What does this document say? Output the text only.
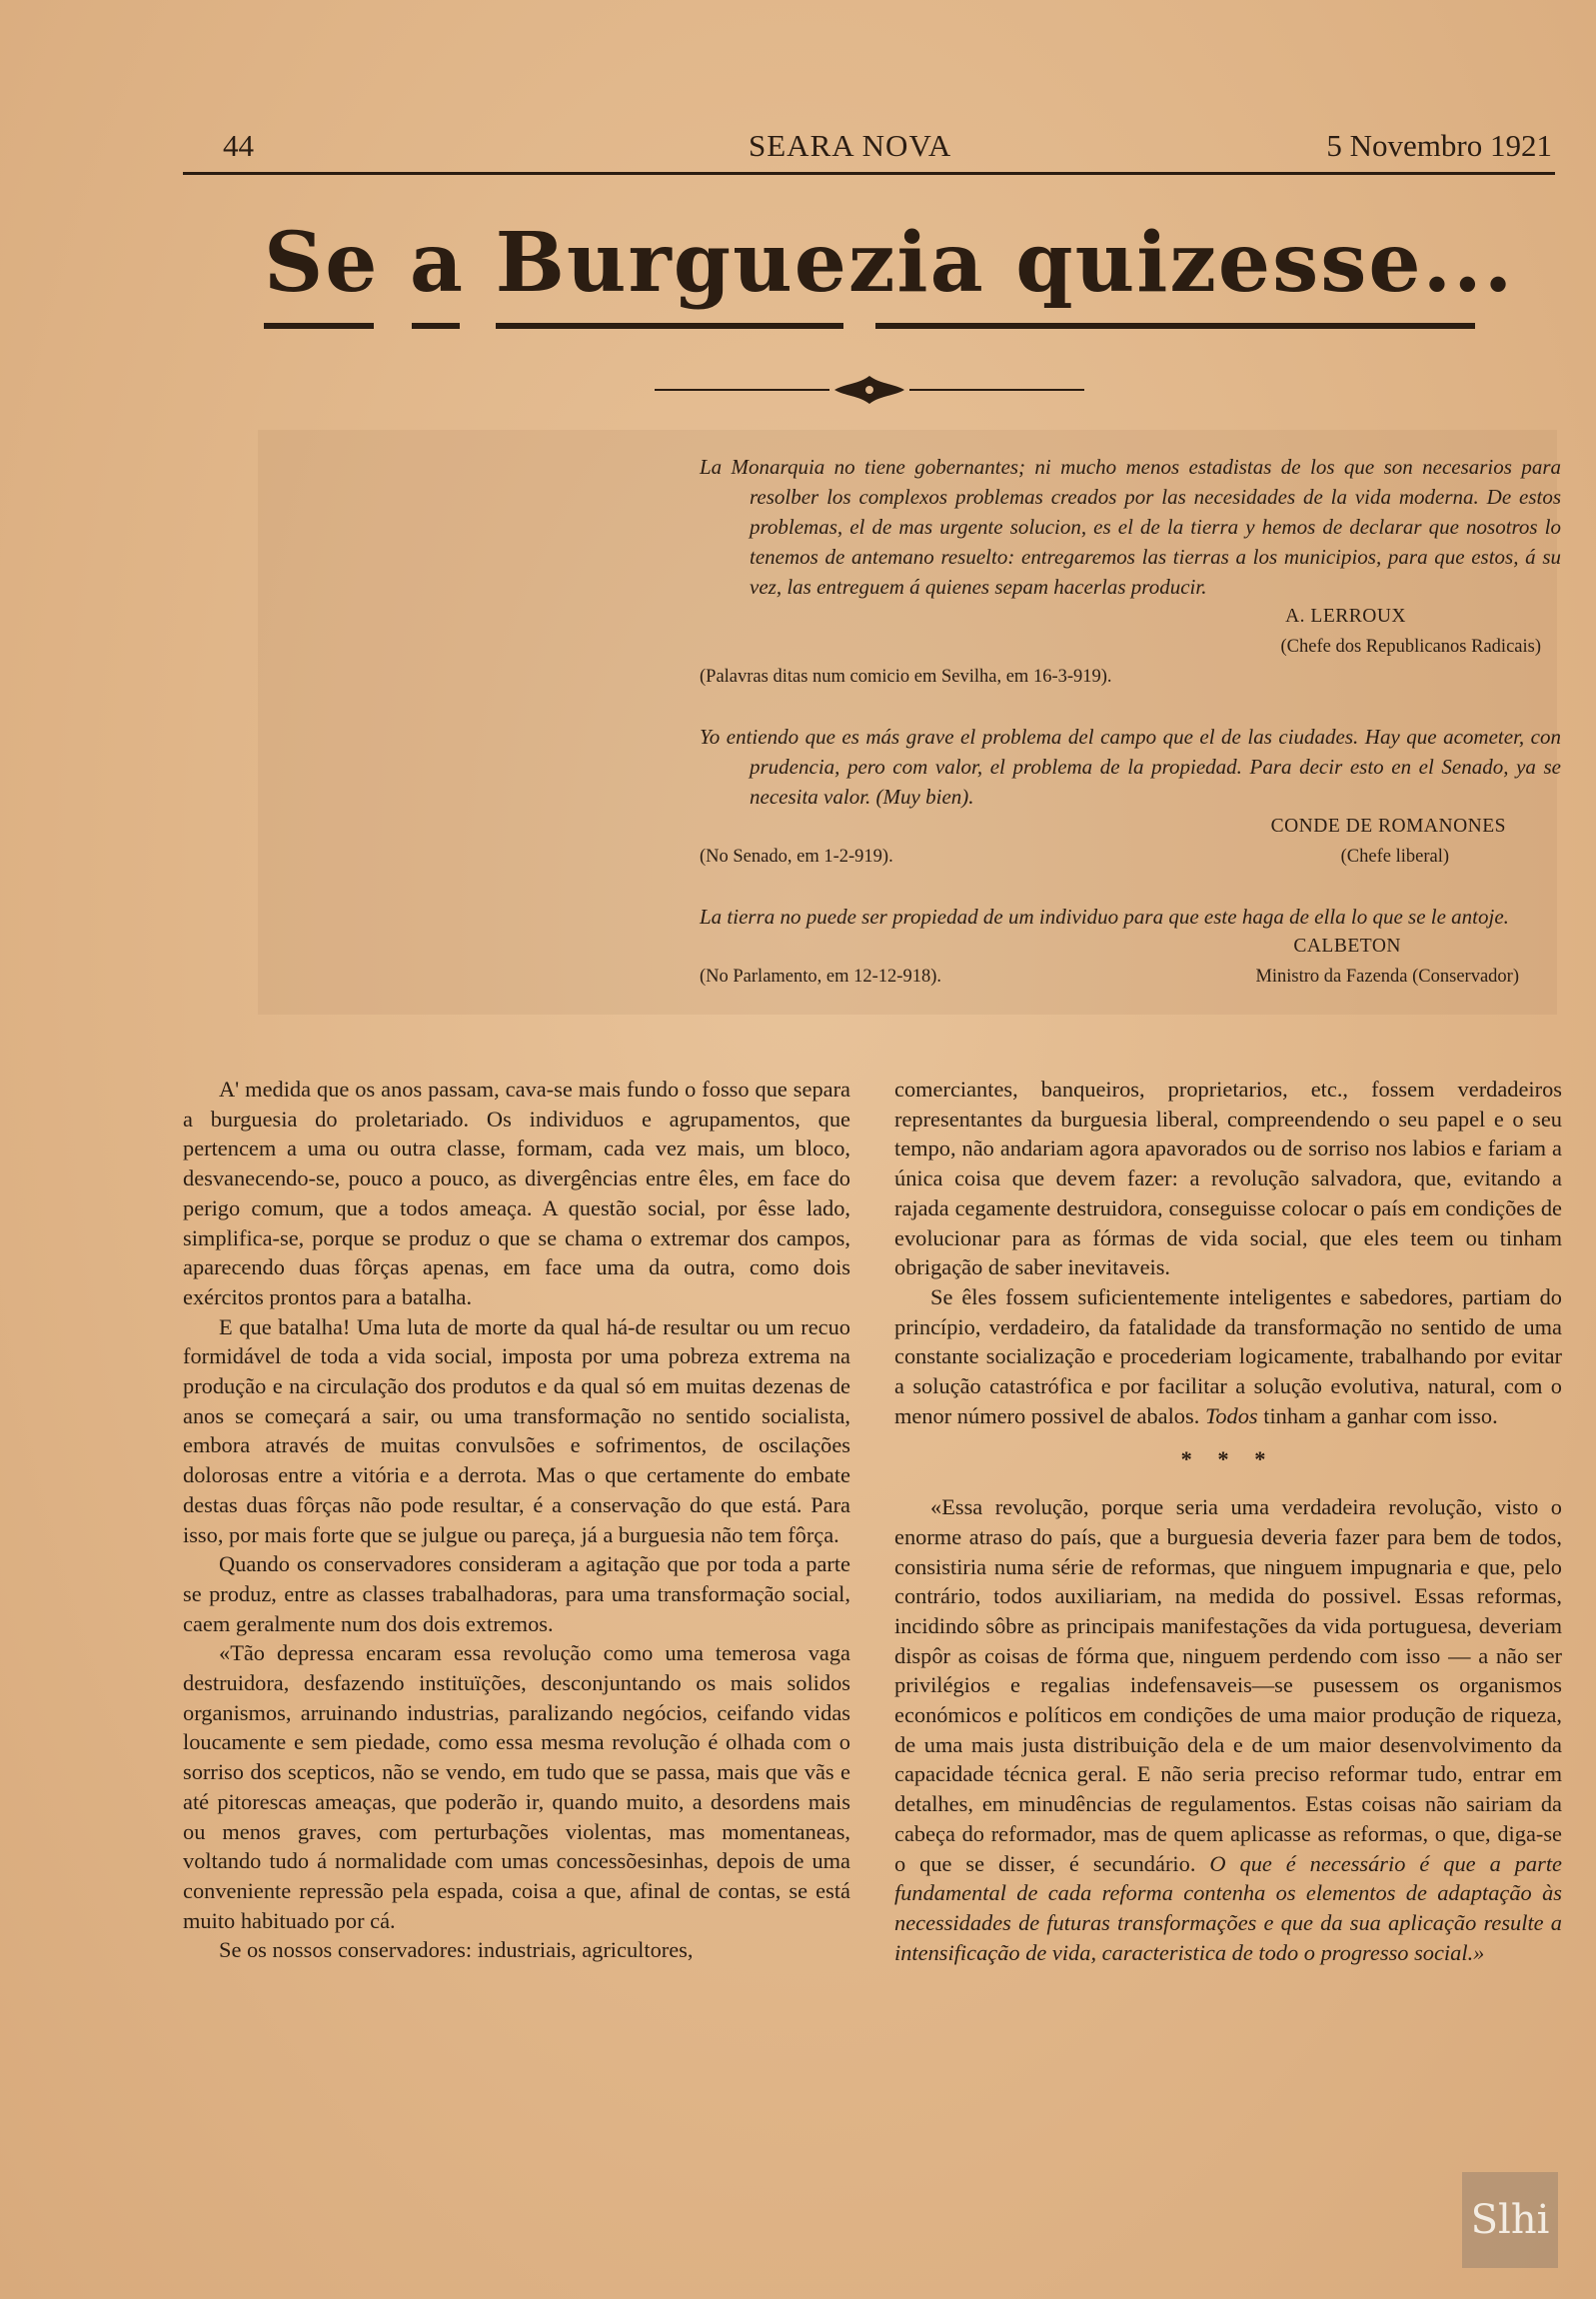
44	SEARA NOVA	5 Novembro 1921
Se a Burguezia quizesse...
La Monarquia no tiene gobernantes; ni mucho menos estadistas de los que son necesarios para resolber los complexos problemas creados por las necesidades de la vida moderna. De estos problemas, el de mas urgente solucion, es el de la tierra y hemos de declarar que nosotros lo tenemos de antemano resuelto: entregaremos las tierras a los municipios, para que estos, á su vez, las entreguem á quienes sepam hacerlas producir.
A. LERROUX
(Chefe dos Republicanos Radicais)
(Palavras ditas num comicio em Sevilha, em 16-3-919).
Yo entiendo que es más grave el problema del campo que el de las ciudades. Hay que acometer, con prudencia, pero com valor, el problema de la propiedad. Para decir esto en el Senado, ya se necesita valor. (Muy bien).
CONDE DE ROMANONES
(No Senado, em 1-2-919).	(Chefe liberal)
La tierra no puede ser propiedad de um individuo para que este haga de ella lo que se le antoje.
CALBETON
(No Parlamento, em 12-12-918).	Ministro da Fazenda (Conservador)

A' medida que os anos passam, cava-se mais fundo o fosso que separa a burguesia do proletariado. Os individuos e agrupamentos, que pertencem a uma ou outra classe, formam, cada vez mais, um bloco, desvanecendo-se, pouco a pouco, as divergências entre êles, em face do perigo comum, que a todos ameaça. A questão social, por êsse lado, simplifica-se, porque se produz o que se chama o extremar dos campos, aparecendo duas fôrças apenas, em face uma da outra, como dois exércitos prontos para a batalha.

E que batalha! Uma luta de morte da qual há-de resultar ou um recuo formidável de toda a vida social, imposta por uma pobreza extrema na produção e na circulação dos produtos e da qual só em muitas dezenas de anos se começará a sair, ou uma transformação no sentido socialista, embora através de muitas convulsões e sofrimentos, de oscilações dolorosas entre a vitória e a derrota. Mas o que certamente do embate destas duas fôrças não pode resultar, é a conservação do que está. Para isso, por mais forte que se julgue ou pareça, já a burguesia não tem fôrça.

Quando os conservadores consideram a agitação que por toda a parte se produz, entre as classes trabalhadoras, para uma transformação social, caem geralmente num dos dois extremos.

«Tão depressa encaram essa revolução como uma temerosa vaga destruidora, desfazendo instituïções, desconjuntando os mais solidos organismos, arruinando industrias, paralizando negócios, ceifando vidas loucamente e sem piedade, como essa mesma revolução é olhada com o sorriso dos scepticos, não se vendo, em tudo que se passa, mais que vãs e até pitorescas ameaças, que poderão ir, quando muito, a desordens mais ou menos graves, com perturbações violentas, mas momentaneas, voltando tudo á normalidade com umas concessõesinhas, depois de uma conveniente repressão pela espada, coisa a que, afinal de contas, se está muito habituado por cá.

Se os nossos conservadores: industriais, agricultores,

comerciantes, banqueiros, proprietarios, etc., fossem verdadeiros representantes da burguesia liberal, compreendendo o seu papel e o seu tempo, não andariam agora apavorados ou de sorriso nos labios e fariam a única coisa que devem fazer: a revolução salvadora, que, evitando a rajada cegamente destruidora, conseguisse colocar o país em condições de evolucionar para as fórmas de vida social, que eles teem ou tinham obrigação de saber inevitaveis.

Se êles fossem suficientemente inteligentes e sabedores, partiam do princípio, verdadeiro, da fatalidade da transformação no sentido de uma constante socialização e procederiam logicamente, trabalhando por evitar a solução catastrófica e por facilitar a solução evolutiva, natural, com o menor número possivel de abalos. Todos tinham a ganhar com isso.

* * *

«Essa revolução, porque seria uma verdadeira revolução, visto o enorme atraso do país, que a burguesia deveria fazer para bem de todos, consistiria numa série de reformas, que ninguem impugnaria e que, pelo contrário, todos auxiliariam, na medida do possivel. Essas reformas, incidindo sôbre as principais manifestações da vida portuguesa, deveriam dispôr as coisas de fórma que, ninguem perdendo com isso — a não ser privilégios e regalias indefensaveis—se pusessem os organismos económicos e políticos em condições de uma maior produção de riqueza, de uma mais justa distribuição dela e de um maior desenvolvimento da capacidade técnica geral. E não seria preciso reformar tudo, entrar em detalhes, em minudências de regulamentos. Estas coisas não sairiam da cabeça do reformador, mas de quem aplicasse as reformas, o que, diga-se o que se disser, é secundário. O que é necessário é que a parte fundamental de cada reforma contenha os elementos de adaptação às necessidades de futuras transformações e que da sua aplicação resulte a intensificação de vida, caracteristica de todo o progresso social.»

Slhi
